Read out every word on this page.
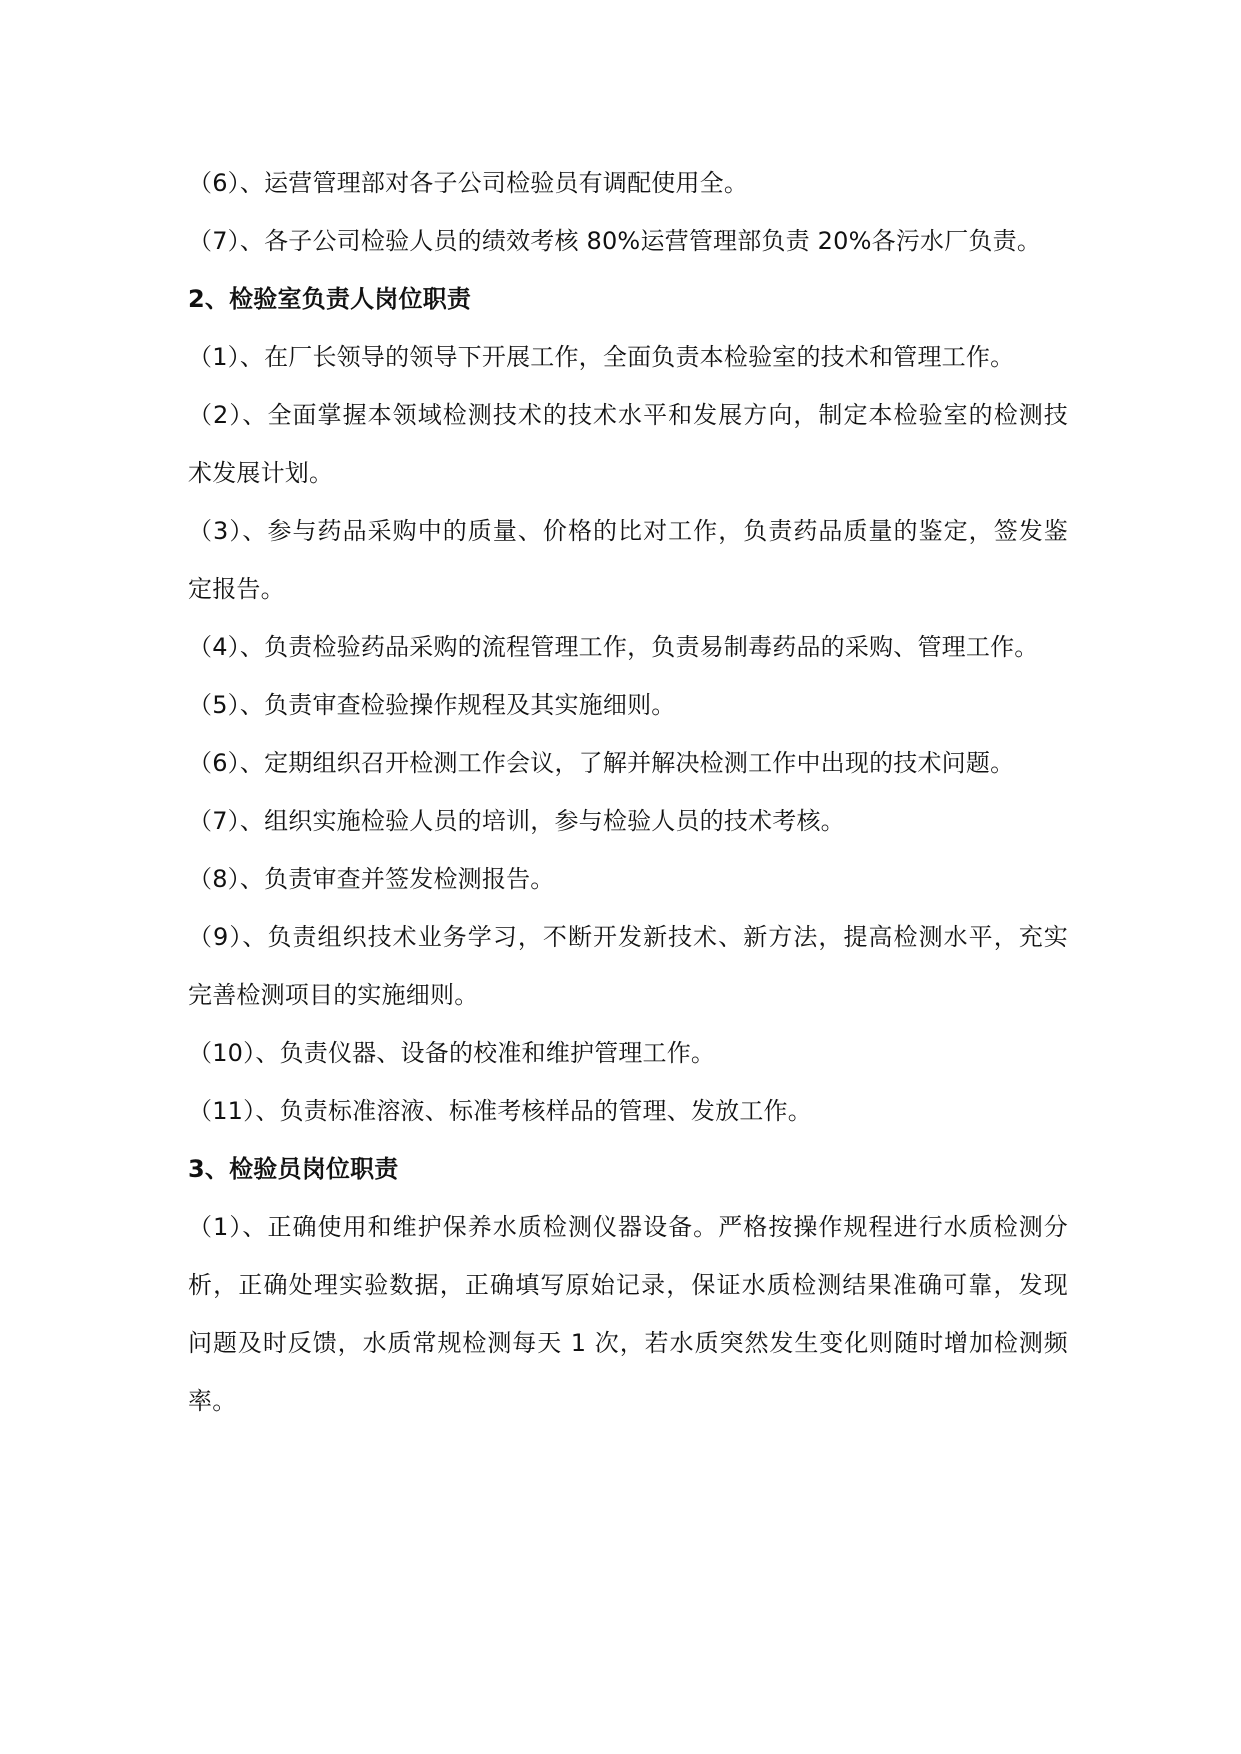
（6）、运营管理部对各子公司检验员有调配使用全。
（7）、各子公司检验人员的绩效考核 80%运营管理部负责 20%各污水厂负责。
2、检验室负责人岗位职责
（1）、在厂长领导的领导下开展工作，全面负责本检验室的技术和管理工作。
（2）、全面掌握本领域检测技术的技术水平和发展方向，制定本检验室的检测技
术发展计划。
（3）、参与药品采购中的质量、价格的比对工作，负责药品质量的鉴定，签发鉴
定报告。
（4）、负责检验药品采购的流程管理工作，负责易制毒药品的采购、管理工作。
（5）、负责审查检验操作规程及其实施细则。
（6）、定期组织召开检测工作会议，了解并解决检测工作中出现的技术问题。
（7）、组织实施检验人员的培训，参与检验人员的技术考核。
（8）、负责审查并签发检测报告。
（9）、负责组织技术业务学习，不断开发新技术、新方法，提高检测水平，充实
完善检测项目的实施细则。
（10）、负责仪器、设备的校准和维护管理工作。
（11）、负责标准溶液、标准考核样品的管理、发放工作。
3、检验员岗位职责
（1）、正确使用和维护保养水质检测仪器设备。严格按操作规程进行水质检测分
析，正确处理实验数据，正确填写原始记录，保证水质检测结果准确可靠，发现
问题及时反馈，水质常规检测每天 1 次，若水质突然发生变化则随时增加检测频
率。
